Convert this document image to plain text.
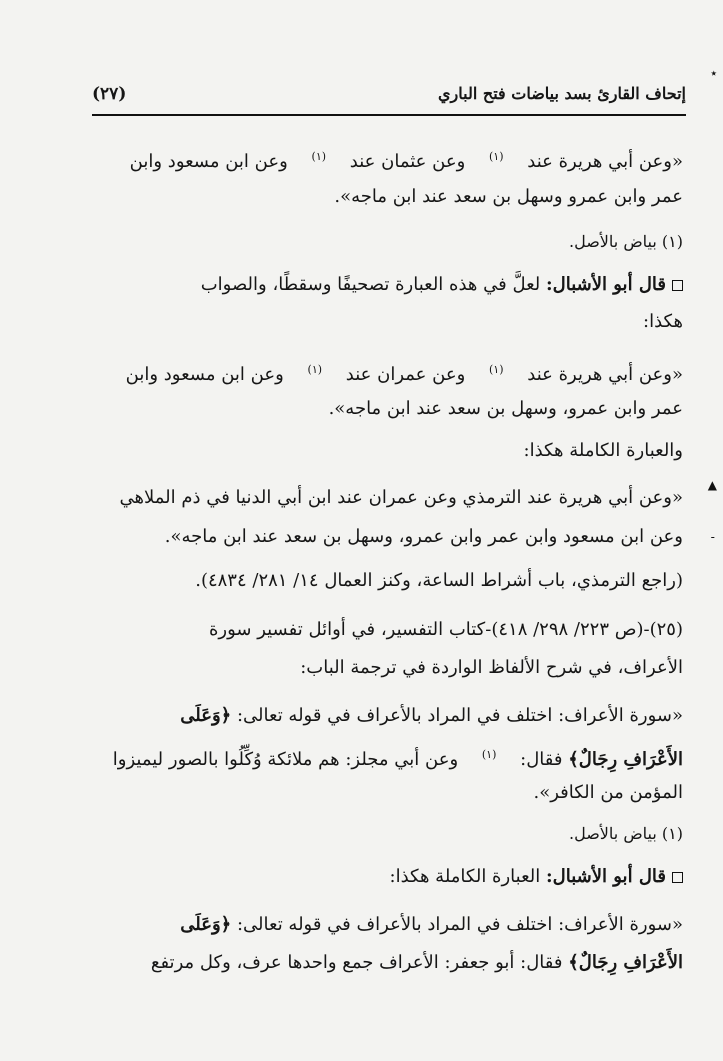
٭
▲
-
إتحاف القارئ بسد بياضات فتح الباري
(٢٧)
«وعن أبي هريرة عند $^{(١)}$ وعن عثمان عند $^{(١)}$ وعن ابن مسعود وابن
عمر وابن عمرو وسهل بن سعد عند ابن ماجه».
(١) بياض بالأصل.
قال أبو الأشبال: لعلَّ في هذه العبارة تصحيفًا وسقطًا، والصواب
هكذا:
«وعن أبي هريرة عند $^{(١)}$ وعن عمران عند $^{(١)}$ وعن ابن مسعود وابن
عمر وابن عمرو، وسهل بن سعد عند ابن ماجه».
والعبارة الكاملة هكذا:
«وعن أبي هريرة عند الترمذي وعن عمران عند ابن أبي الدنيا في ذم الملاهي
وعن ابن مسعود وابن عمر وابن عمرو، وسهل بن سعد عند ابن ماجه».
(راجع الترمذي، باب أشراط الساعة، وكنز العمال ١٤/ ٢٨١/ ٤٨٣٤).
(٢٥)-(ص ٢٢٣/ ٢٩٨/ ٤١٨)-كتاب التفسير، في أوائل تفسير سورة
الأعراف، في شرح الألفاظ الواردة في ترجمة الباب:
«سورة الأعراف: اختلف في المراد بالأعراف في قوله تعالى: ﴿وَعَلَى
الأَعْرَافِ رِجَالٌ﴾ فقال: $^{(١)}$ وعن أبي مجلز: هم ملائكة وُكِّلُوا بالصور ليميزوا
المؤمن من الكافر».
(١) بياض بالأصل.
قال أبو الأشبال: العبارة الكاملة هكذا:
«سورة الأعراف: اختلف في المراد بالأعراف في قوله تعالى: ﴿وَعَلَى
الأَعْرَافِ رِجَالٌ﴾ فقال: أبو جعفر: الأعراف جمع واحدها عرف، وكل مرتفع
